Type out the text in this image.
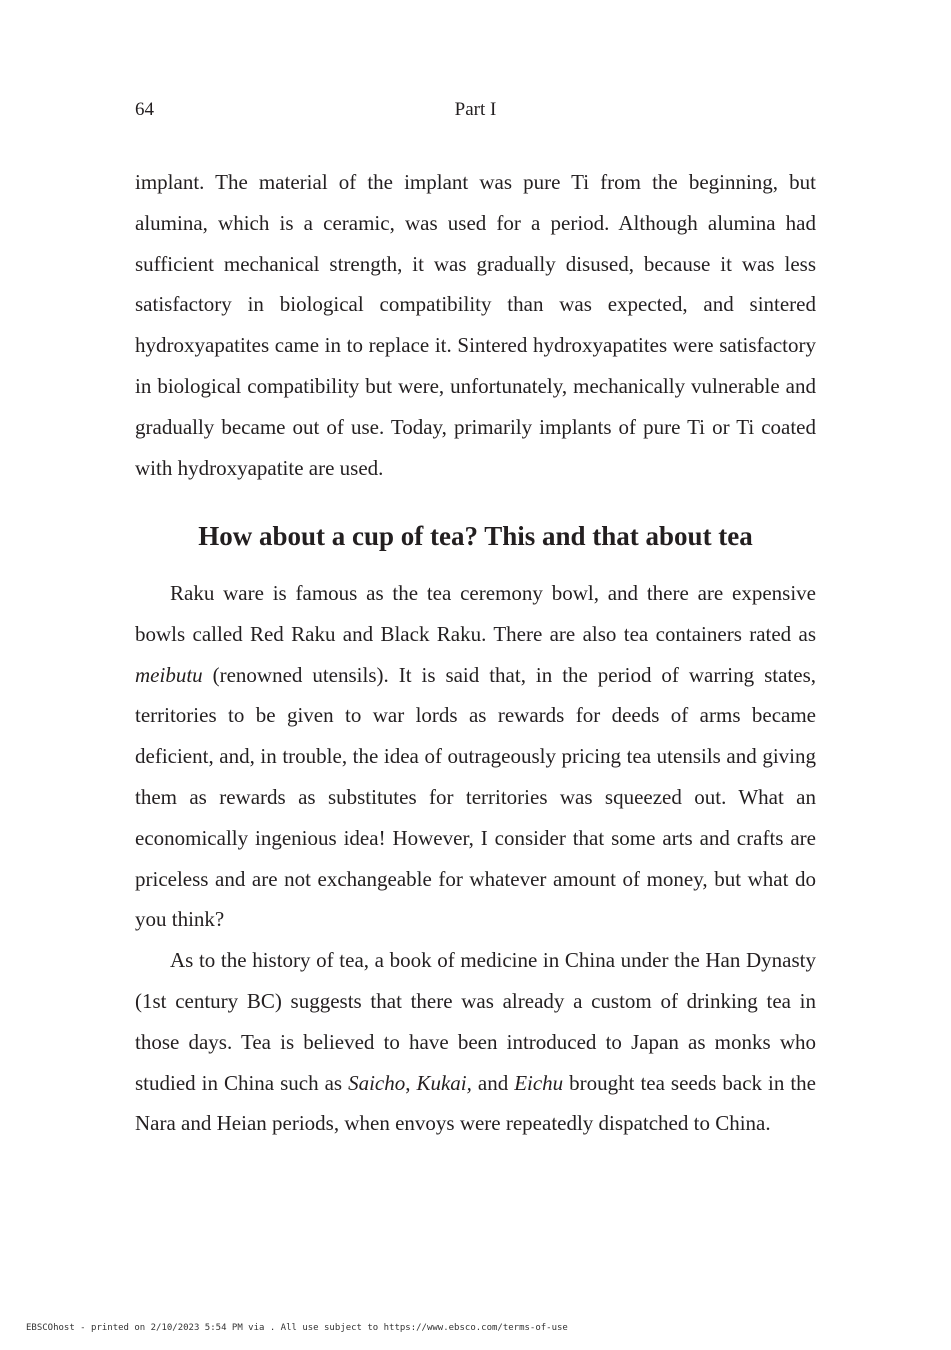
64	Part I

implant. The material of the implant was pure Ti from the beginning, but alumina, which is a ceramic, was used for a period. Although alumina had sufficient mechanical strength, it was gradually disused, because it was less satisfactory in biological compatibility than was expected, and sintered hydroxyapatites came in to replace it. Sintered hydroxyapatites were satisfactory in biological compatibility but were, unfortunately, mechanically vulnerable and gradually became out of use. Today, primarily implants of pure Ti or Ti coated with hydroxyapatite are used.

How about a cup of tea? This and that about tea

Raku ware is famous as the tea ceremony bowl, and there are expensive bowls called Red Raku and Black Raku. There are also tea containers rated as meibutu (renowned utensils). It is said that, in the period of warring states, territories to be given to war lords as rewards for deeds of arms became deficient, and, in trouble, the idea of outrageously pricing tea utensils and giving them as rewards as substitutes for territories was squeezed out. What an economically ingenious idea! However, I consider that some arts and crafts are priceless and are not exchangeable for whatever amount of money, but what do you think?

As to the history of tea, a book of medicine in China under the Han Dynasty (1st century BC) suggests that there was already a custom of drinking tea in those days. Tea is believed to have been introduced to Japan as monks who studied in China such as Saicho, Kukai, and Eichu brought tea seeds back in the Nara and Heian periods, when envoys were repeatedly dispatched to China.

EBSCOhost - printed on 2/10/2023 5:54 PM via . All use subject to https://www.ebsco.com/terms-of-use
